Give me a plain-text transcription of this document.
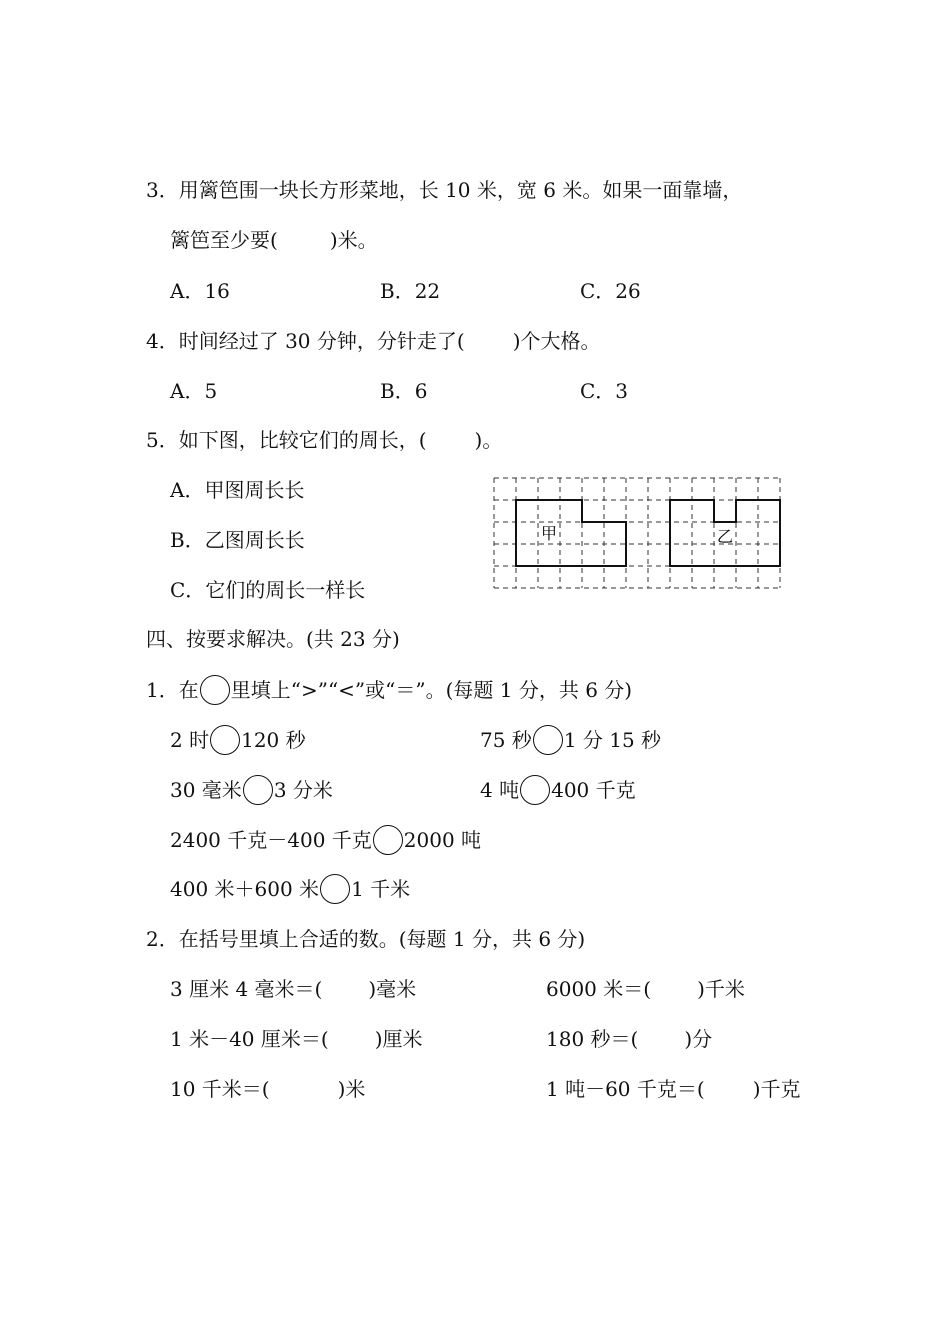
3．用篱笆围一块长方形菜地，长 10 米，宽 6 米。如果一面靠墙，
篱笆至少要(	)米。
A．16	B．22	C．26
4．时间经过了 30 分钟，分针走了( )个大格。
A．5	B．6	C．3
5．如下图，比较它们的周长，( )。
A．甲图周长长
B．乙图周长长
C．它们的周长一样长
甲	乙
四、按要求解决。(共 23 分)
1．在 里填上“>”“<”或“＝”。(每题 1 分，共 6 分)
2 时 120 秒	75 秒 1 分 15 秒
30 毫米 3 分米	4 吨 400 千克
2400 千克－400 千克 2000 吨
400 米＋600 米 1 千米
2．在括号里填上合适的数。(每题 1 分，共 6 分)
3 厘米 4 毫米＝( )毫米	6000 米＝( )千米
1 米－40 厘米＝( )厘米	180 秒＝( )分
10 千米＝(	)米	1 吨－60 千克＝( )千克
